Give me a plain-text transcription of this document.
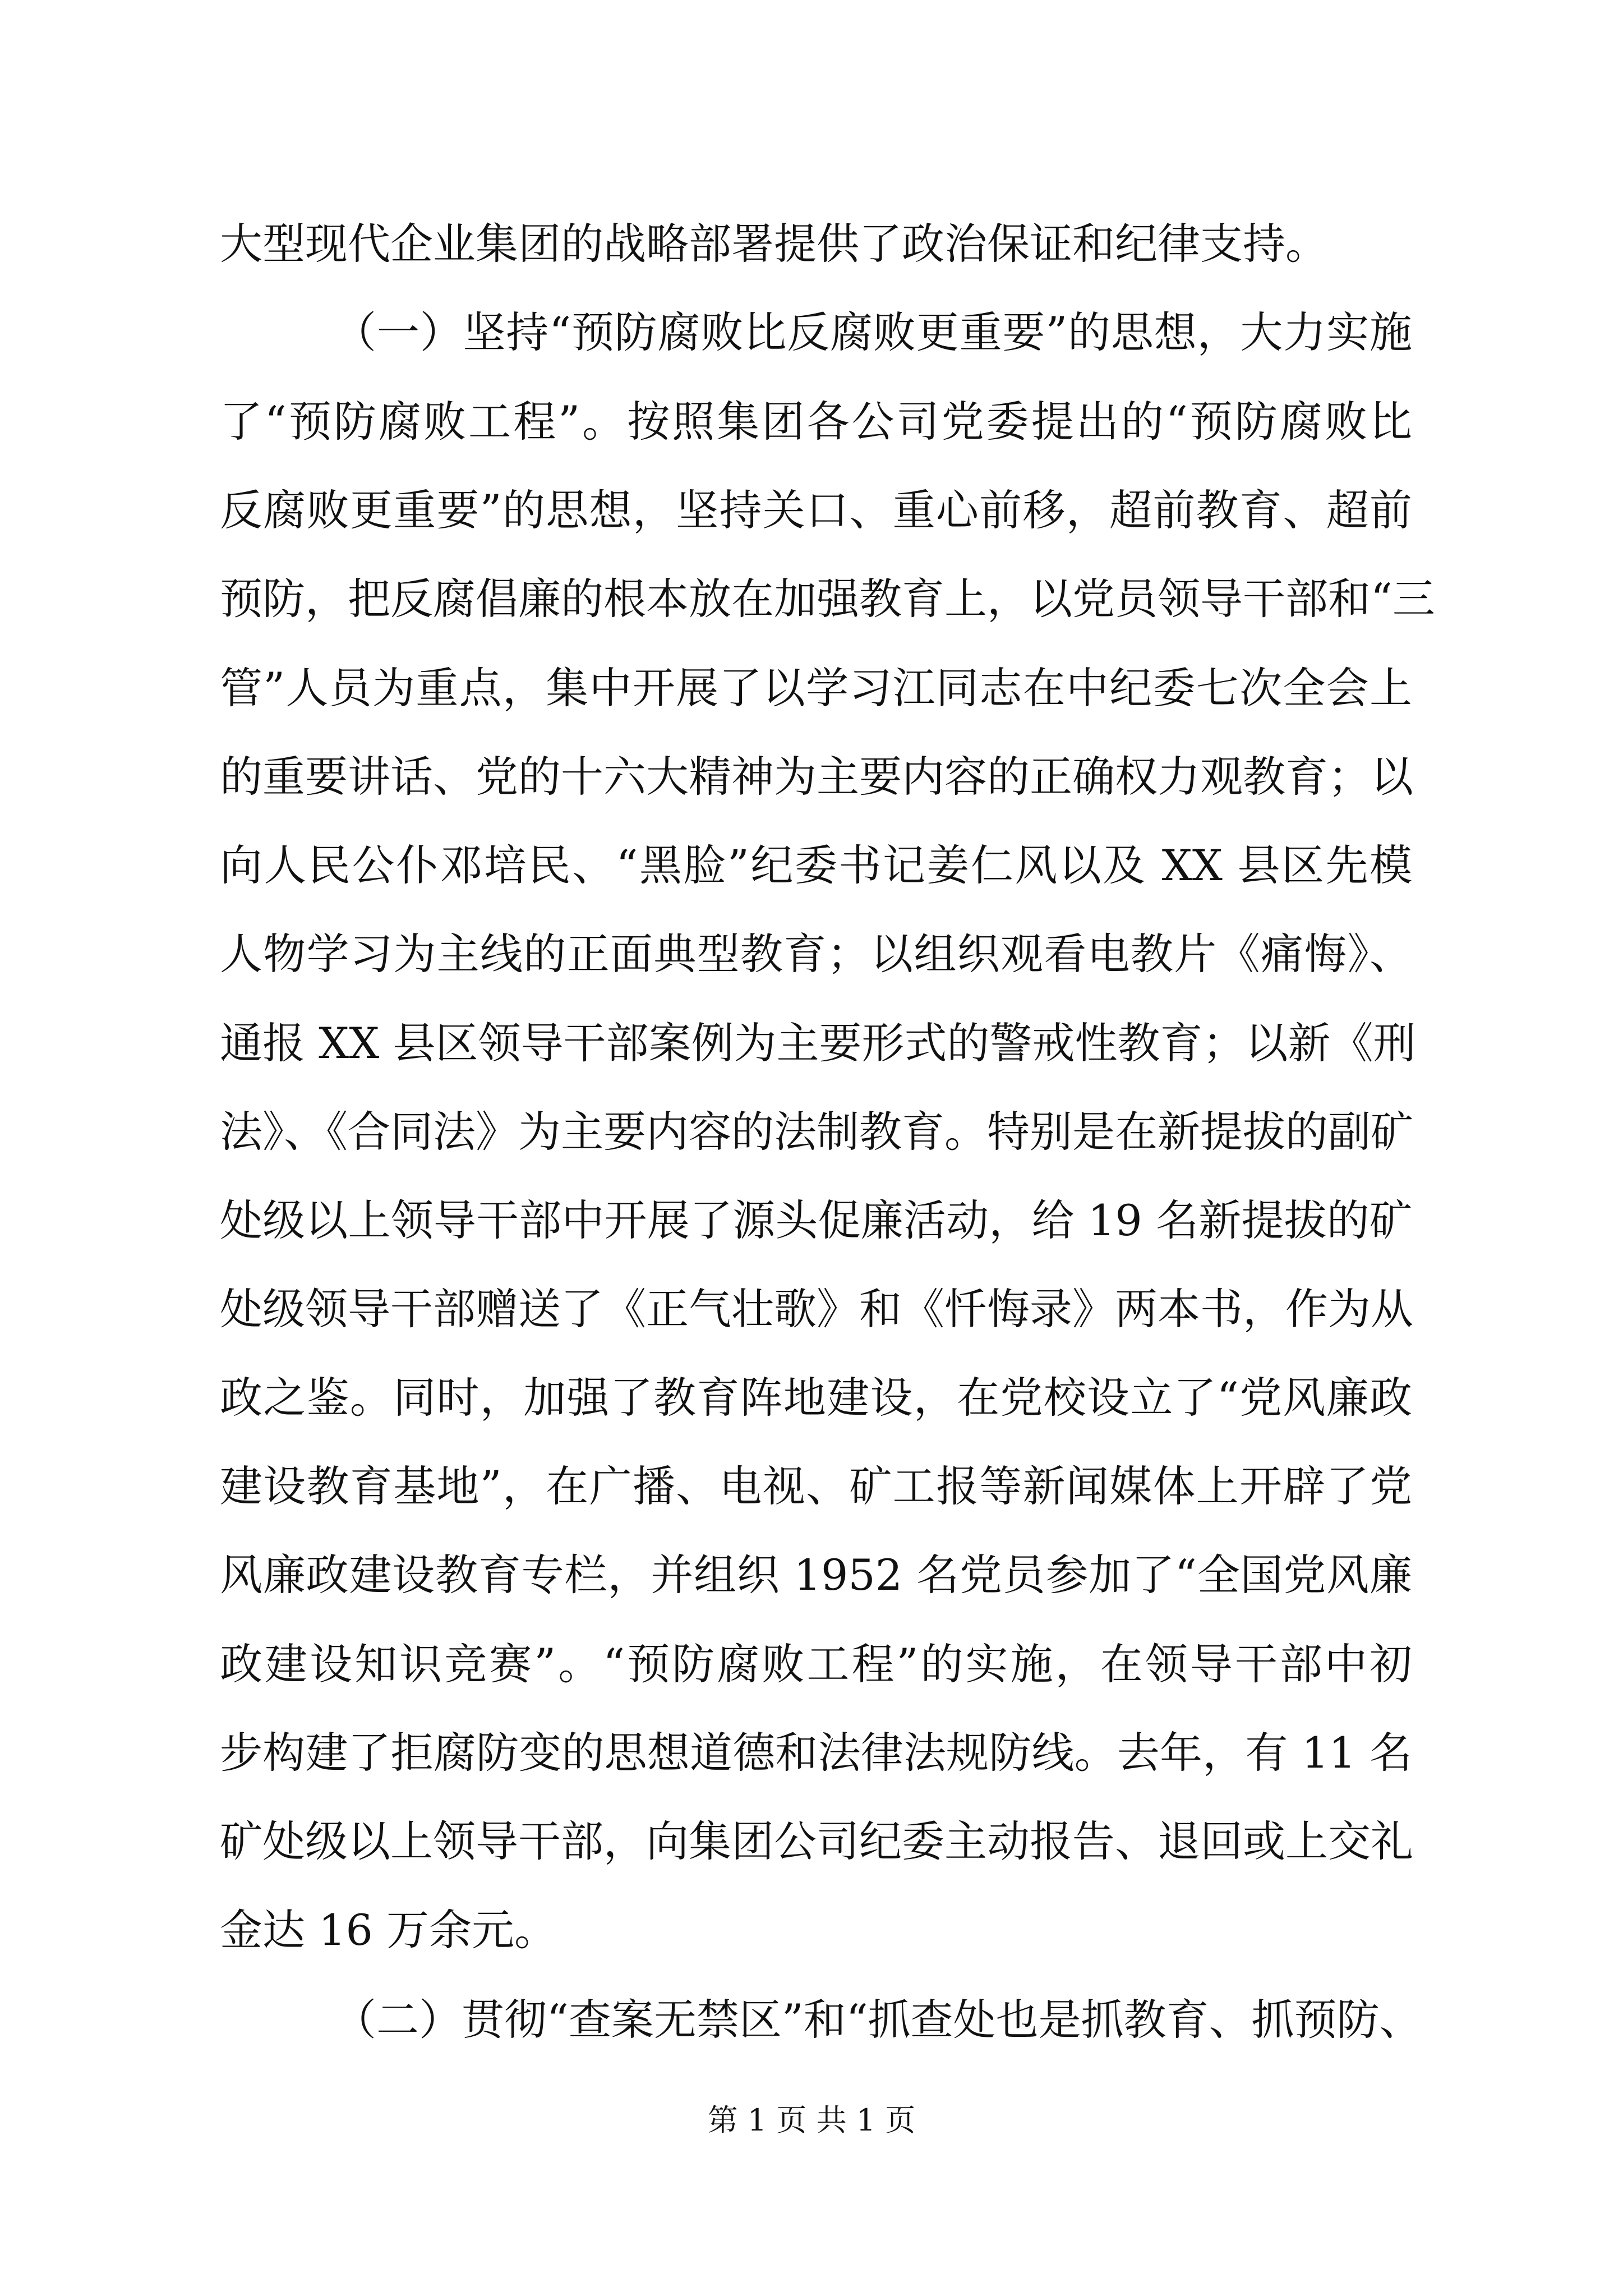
大型现代企业集团的战略部署提供了政治保证和纪律支持。
（一）坚持“预防腐败比反腐败更重要”的思想，大力实施
了“预防腐败工程”。按照集团各公司党委提出的“预防腐败比
反腐败更重要”的思想，坚持关口、重心前移，超前教育、超前
预防，把反腐倡廉的根本放在加强教育上，以党员领导干部和“三
管”人员为重点，集中开展了以学习江同志在中纪委七次全会上
的重要讲话、党的十六大精神为主要内容的正确权力观教育；以
向人民公仆邓培民、“黑脸”纪委书记姜仁风以及 XX 县区先模
人物学习为主线的正面典型教育；以组织观看电教片《痛悔》、
通报 XX 县区领导干部案例为主要形式的警戒性教育；以新《刑
法》、《合同法》为主要内容的法制教育。特别是在新提拔的副矿
处级以上领导干部中开展了源头促廉活动，给 19 名新提拔的矿
处级领导干部赠送了《正气壮歌》和《忏悔录》两本书，作为从
政之鉴。同时，加强了教育阵地建设，在党校设立了“党风廉政
建设教育基地”，在广播、电视、矿工报等新闻媒体上开辟了党
风廉政建设教育专栏，并组织 1952 名党员参加了“全国党风廉
政建设知识竞赛”。“预防腐败工程”的实施，在领导干部中初
步构建了拒腐防变的思想道德和法律法规防线。去年，有 11 名
矿处级以上领导干部，向集团公司纪委主动报告、退回或上交礼
金达 16 万余元。
（二）贯彻“查案无禁区”和“抓查处也是抓教育、抓预防、
第 1 页 共 1 页
